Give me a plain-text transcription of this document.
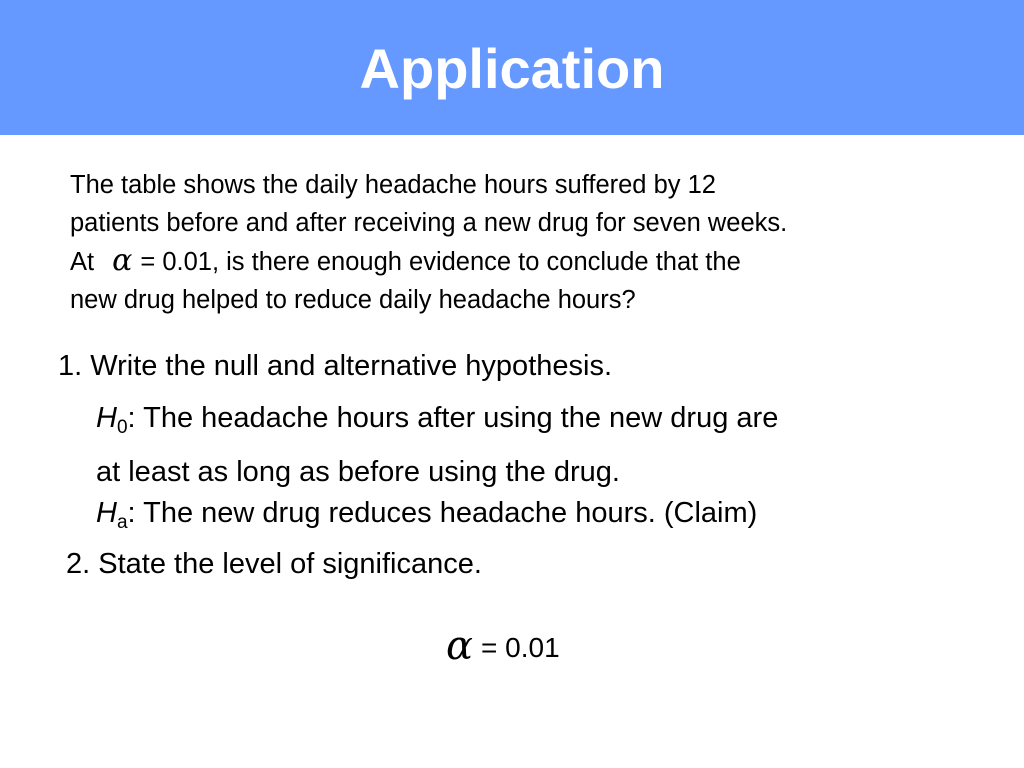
Application
The table shows the daily headache hours suffered by 12
patients before and after receiving a new drug for seven weeks.
At α = 0.01, is there enough evidence to conclude that the
new drug helped to reduce daily headache hours?
1. Write the null and alternative hypothesis.
$H_0$: The headache hours after using the new drug are
at least as long as before using the drug.
$H_a$: The new drug reduces headache hours. (Claim)
2. State the level of significance.
α = 0.01
